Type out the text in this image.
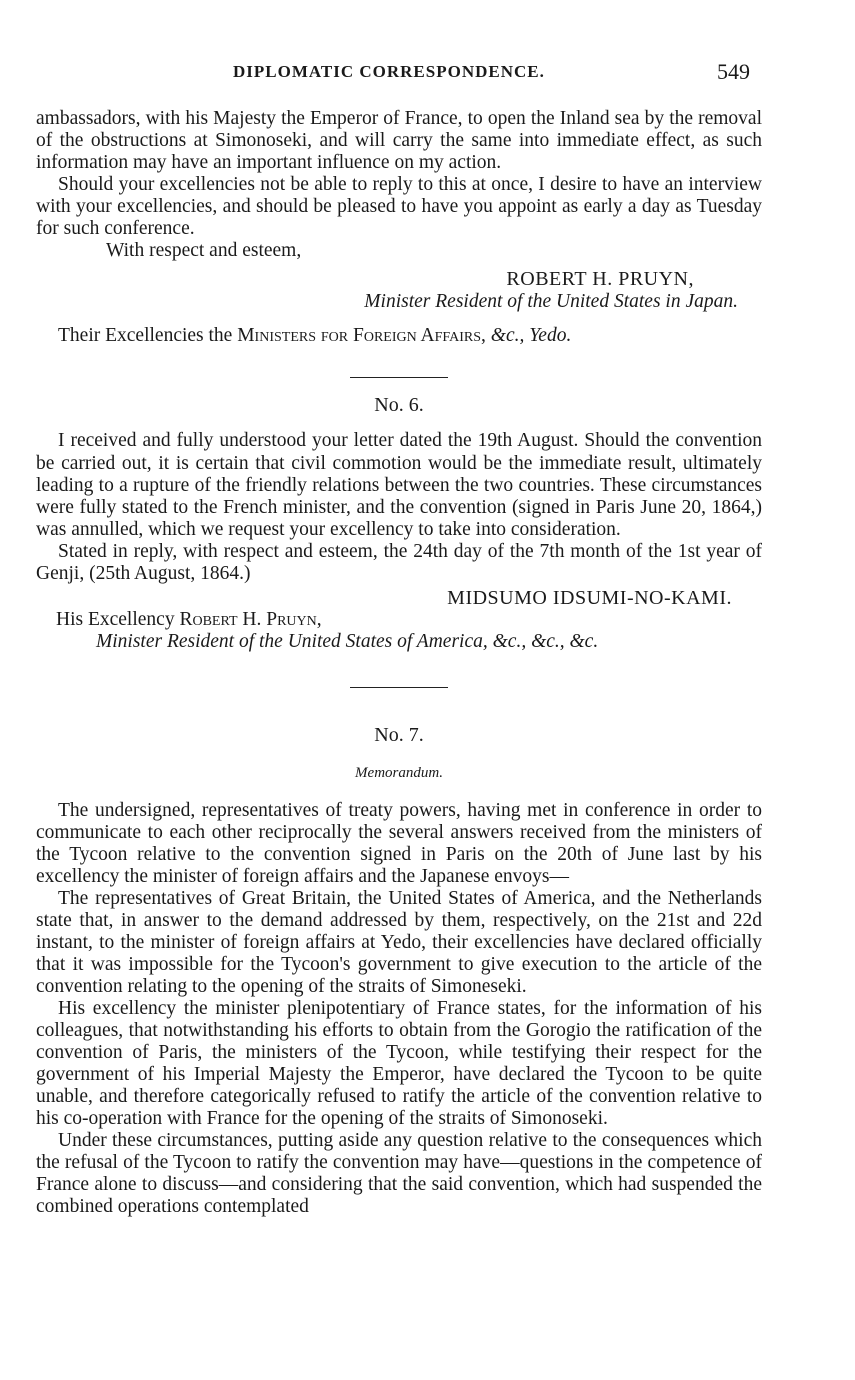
DIPLOMATIC CORRESPONDENCE.	549

ambassadors, with his Majesty the Emperor of France, to open the Inland sea by the removal of the obstructions at Simonoseki, and will carry the same into immediate effect, as such information may have an important influence on my action.

Should your excellencies not be able to reply to this at once, I desire to have an interview with your excellencies, and should be pleased to have you appoint as early a day as Tuesday for such conference.

With respect and esteem,

ROBERT H. PRUYN,

Minister Resident of the United States in Japan.

Their Excellencies the Ministers for Foreign Affairs, &c., Yedo.

No. 6.

I received and fully understood your letter dated the 19th August. Should the convention be carried out, it is certain that civil commotion would be the immediate result, ultimately leading to a rupture of the friendly relations between the two countries. These circumstances were fully stated to the French minister, and the convention (signed in Paris June 20, 1864,) was annulled, which we request your excellency to take into consideration.

Stated in reply, with respect and esteem, the 24th day of the 7th month of the 1st year of Genji, (25th August, 1864.)

MIDSUMO IDSUMI-NO-KAMI.

His Excellency Robert H. Pruyn,

Minister Resident of the United States of America, &c., &c., &c.

No. 7.

Memorandum.

The undersigned, representatives of treaty powers, having met in conference in order to communicate to each other reciprocally the several answers received from the ministers of the Tycoon relative to the convention signed in Paris on the 20th of June last by his excellency the minister of foreign affairs and the Japanese envoys—

The representatives of Great Britain, the United States of America, and the Netherlands state that, in answer to the demand addressed by them, respectively, on the 21st and 22d instant, to the minister of foreign affairs at Yedo, their excellencies have declared officially that it was impossible for the Tycoon's government to give execution to the article of the convention relating to the opening of the straits of Simoneseki.

His excellency the minister plenipotentiary of France states, for the information of his colleagues, that notwithstanding his efforts to obtain from the Gorogio the ratification of the convention of Paris, the ministers of the Tycoon, while testifying their respect for the government of his Imperial Majesty the Emperor, have declared the Tycoon to be quite unable, and therefore categorically refused to ratify the article of the convention relative to his co-operation with France for the opening of the straits of Simonoseki.

Under these circumstances, putting aside any question relative to the consequences which the refusal of the Tycoon to ratify the convention may have—questions in the competence of France alone to discuss—and considering that the said convention, which had suspended the combined operations contemplated
